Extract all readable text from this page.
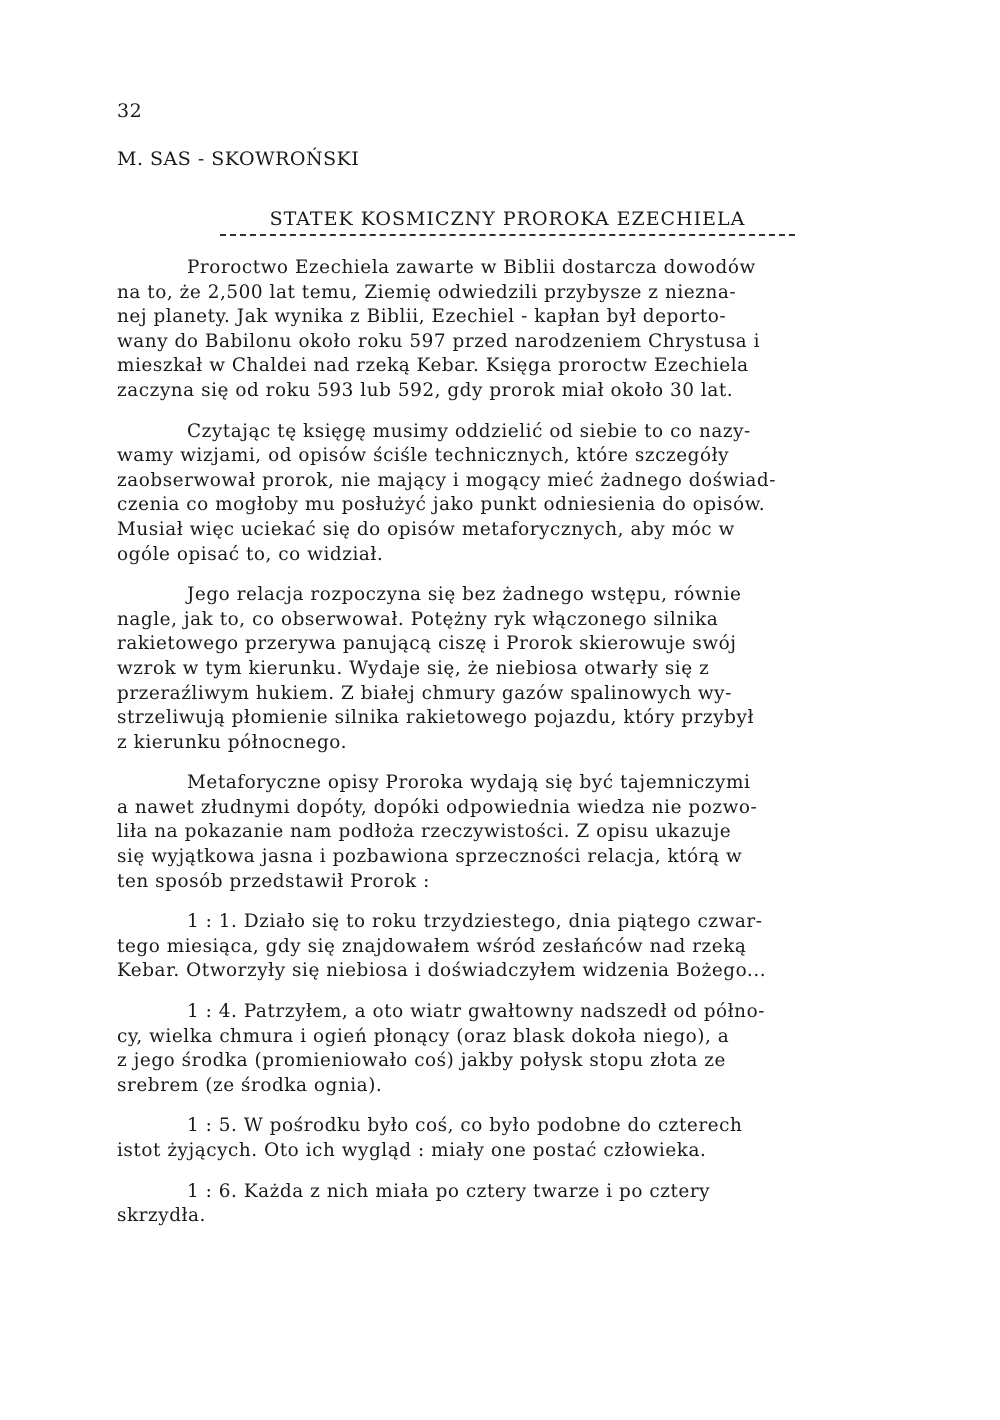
32
M. SAS - SKOWROŃSKI
STATEK KOSMICZNY PROROKA EZECHIELA
Proroctwo Ezechiela zawarte w Biblii dostarcza dowodów
na to, że 2,500 lat temu, Ziemię odwiedzili przybysze z niezna-
nej planety. Jak wynika z Biblii, Ezechiel - kapłan był deporto-
wany do Babilonu około roku 597 przed narodzeniem Chrystusa i
mieszkał w Chaldei nad rzeką Kebar. Księga proroctw Ezechiela
zaczyna się od roku 593 lub 592, gdy prorok miał około 30 lat.
Czytając tę księgę musimy oddzielić od siebie to co nazy-
wamy wizjami, od opisów ściśle technicznych, które szczegóły
zaobserwował prorok, nie mający i mogący mieć żadnego doświad-
czenia co mogłoby mu posłużyć jako punkt odniesienia do opisów.
Musiał więc uciekać się do opisów metaforycznych, aby móc w
ogóle opisać to, co widział.
Jego relacja rozpoczyna się bez żadnego wstępu, równie
nagle, jak to, co obserwował. Potężny ryk włączonego silnika
rakietowego przerywa panującą ciszę i Prorok skierowuje swój
wzrok w tym kierunku. Wydaje się, że niebiosa otwarły się z
przeraźliwym hukiem. Z białej chmury gazów spalinowych wy-
strzeliwują płomienie silnika rakietowego pojazdu, który przybył
z kierunku północnego.
Metaforyczne opisy Proroka wydają się być tajemniczymi
a nawet złudnymi dopóty, dopóki odpowiednia wiedza nie pozwo-
liła na pokazanie nam podłoża rzeczywistości. Z opisu ukazuje
się wyjątkowa jasna i pozbawiona sprzeczności relacja, którą w
ten sposób przedstawił Prorok :
1 : 1. Działo się to roku trzydziestego, dnia piątego czwar-
tego miesiąca, gdy się znajdowałem wśród zesłańców nad rzeką
Kebar. Otworzyły się niebiosa i doświadczyłem widzenia Bożego...
1 : 4. Patrzyłem, a oto wiatr gwałtowny nadszedł od półno-
cy, wielka chmura i ogień płonący (oraz blask dokoła niego), a
z jego środka (promieniowało coś) jakby połysk stopu złota ze
srebrem (ze środka ognia).
1 : 5. W pośrodku było coś, co było podobne do czterech
istot żyjących. Oto ich wygląd : miały one postać człowieka.
1 : 6. Każda z nich miała po cztery twarze i po cztery
skrzydła.
